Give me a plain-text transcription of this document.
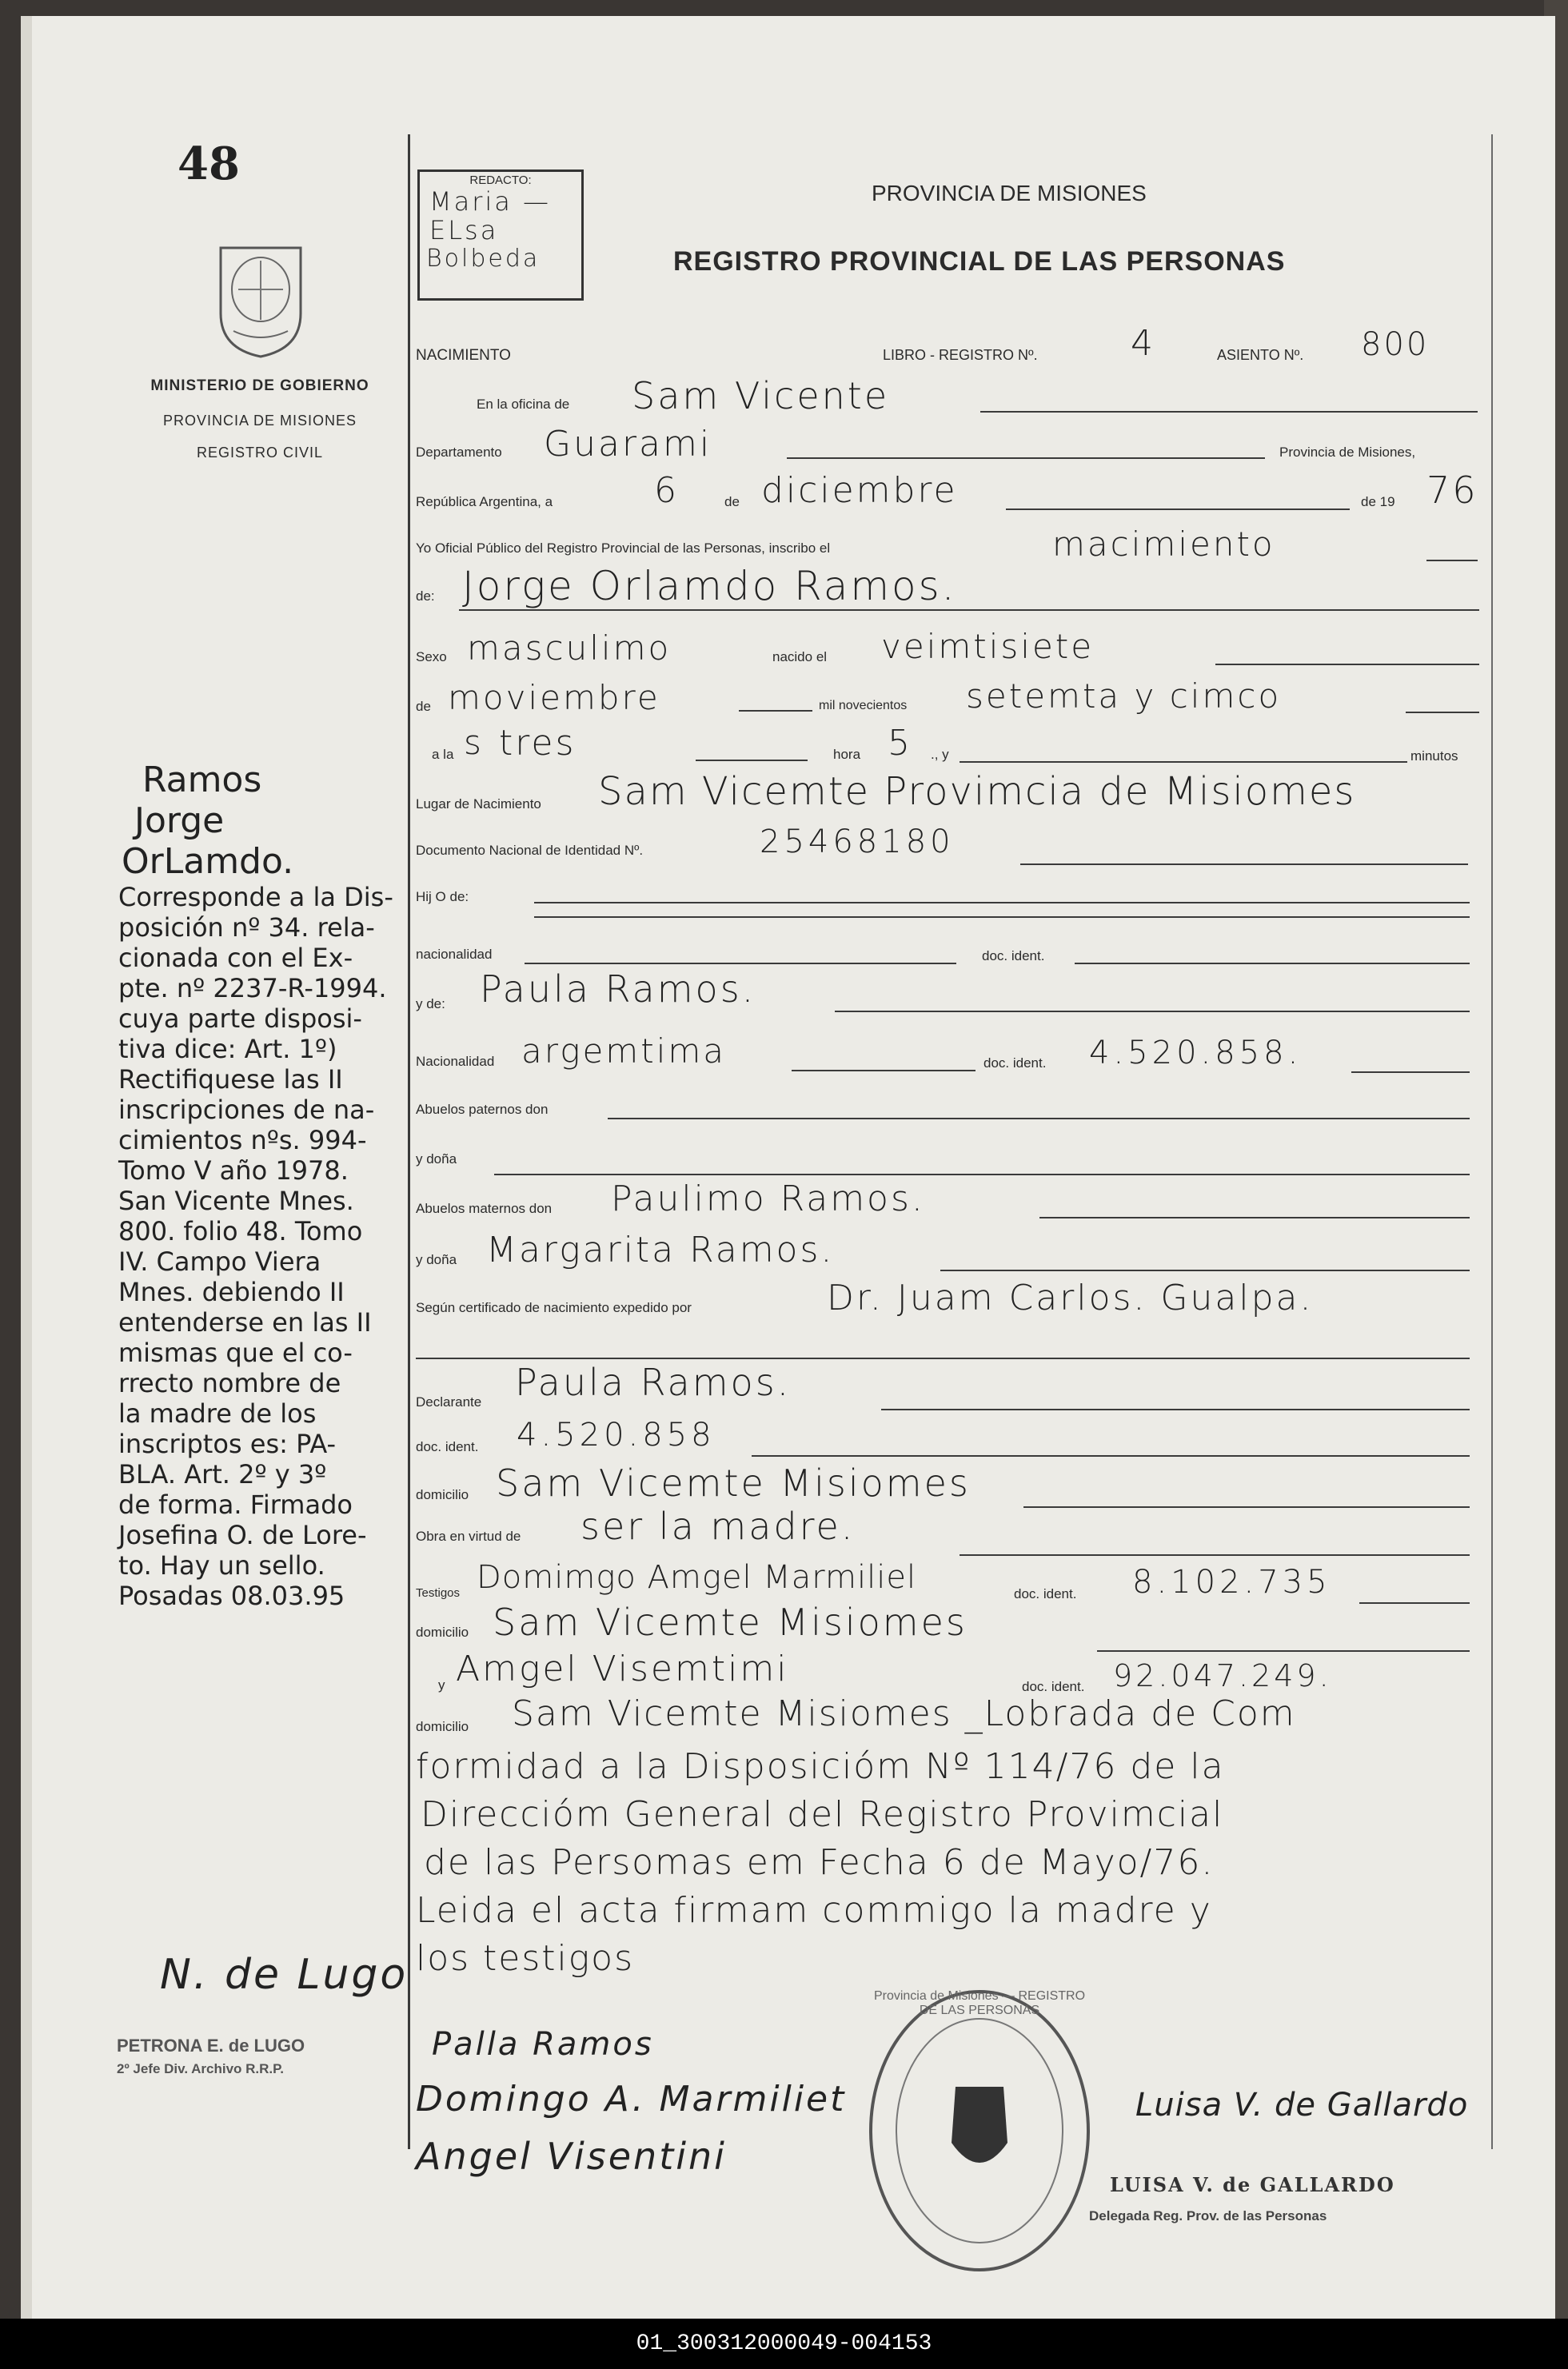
48
MINISTERIO DE GOBIERNO
PROVINCIA DE MISIONES
REGISTRO CIVIL
REDACTO:
Maria —
ELsa
Bolbeda
PROVINCIA DE MISIONES
REGISTRO PROVINCIAL DE LAS PERSONAS
NACIMIENTO	LIBRO - REGISTRO Nº.	4	ASIENTO Nº. 800
En la oficina de Sam Vicente
Departamento Guarami	Provincia de Misiones,
República Argentina, a	6	de diciembre	de 19 76
Yo Oficial Público del Registro Provincial de las Personas, inscribo el	macimiento
de: Jorge Orlamdo Ramos.
Sexo masculimo	nacido el veimtisiete
de moviembre	mil novecientos setemta y cimco
a la s tres	hora 5 ., y	minutos
Lugar de Nacimiento Sam Vicemte Provimcia de Misiomes
Documento Nacional de Identidad Nº.	25468180
Hij O de:
nacionalidad	doc. ident.
y de: Paula Ramos.
Nacionalidad argemtima	doc. ident. 4.520.858.
Abuelos paternos don
y doña
Abuelos maternos don Paulimo Ramos.
y doña Margarita Ramos.
Según certificado de nacimiento expedido por	Dr. Juam Carlos. Gualpa.
Declarante Paula Ramos.
doc. ident. 4.520.858
domicilio Sam Vicemte Misiomes
Obra en virtud de ser la madre.
Testigos Domimgo Amgel Marmiliel	doc. ident. 8.102.735
domicilio Sam Vicemte Misiomes
y Amgel Visemtimi	doc. ident. 92.047.249.
domicilio Sam Vicemte Misiomes _Lobrada de Com
formidad a la Disposicióm Nº 114/76 de la
Direccióm General del Registro Provimcial
de las Persomas em Fecha 6 de Mayo/76.
Leida el acta firmam commigo la madre y
los testigos
Ramos
Jorge
OrLamdo.
Corresponde a la Dis-
posición nº 34. rela-
cionada con el Ex-
pte. nº 2237-R-1994.
cuya parte disposi-
tiva dice: Art. 1º)
Rectifiquese las II
inscripciones de na-
cimientos nºs. 994-
Tomo V año 1978.
San Vicente Mnes.
800. folio 48. Tomo
IV. Campo Viera
Mnes. debiendo II
entenderse en las II
mismas que el co-
rrecto nombre de
la madre de los
inscriptos es: PA-
BLA. Art. 2º y 3º
de forma. Firmado
Josefina O. de Lore-
to. Hay un sello.
Posadas 08.03.95
N. de Lugo
PETRONA E. de LUGO
2º Jefe Div. Archivo R.R.P.
Palla Ramos
Domingo A. Marmiliet
Angel Visentini
Provincia de Misiones — REGISTRO DE LAS PERSONAS
Luisa V. de Gallardo
LUISA V. de GALLARDO
Delegada Reg. Prov. de las Personas
01_300312000049-004153
